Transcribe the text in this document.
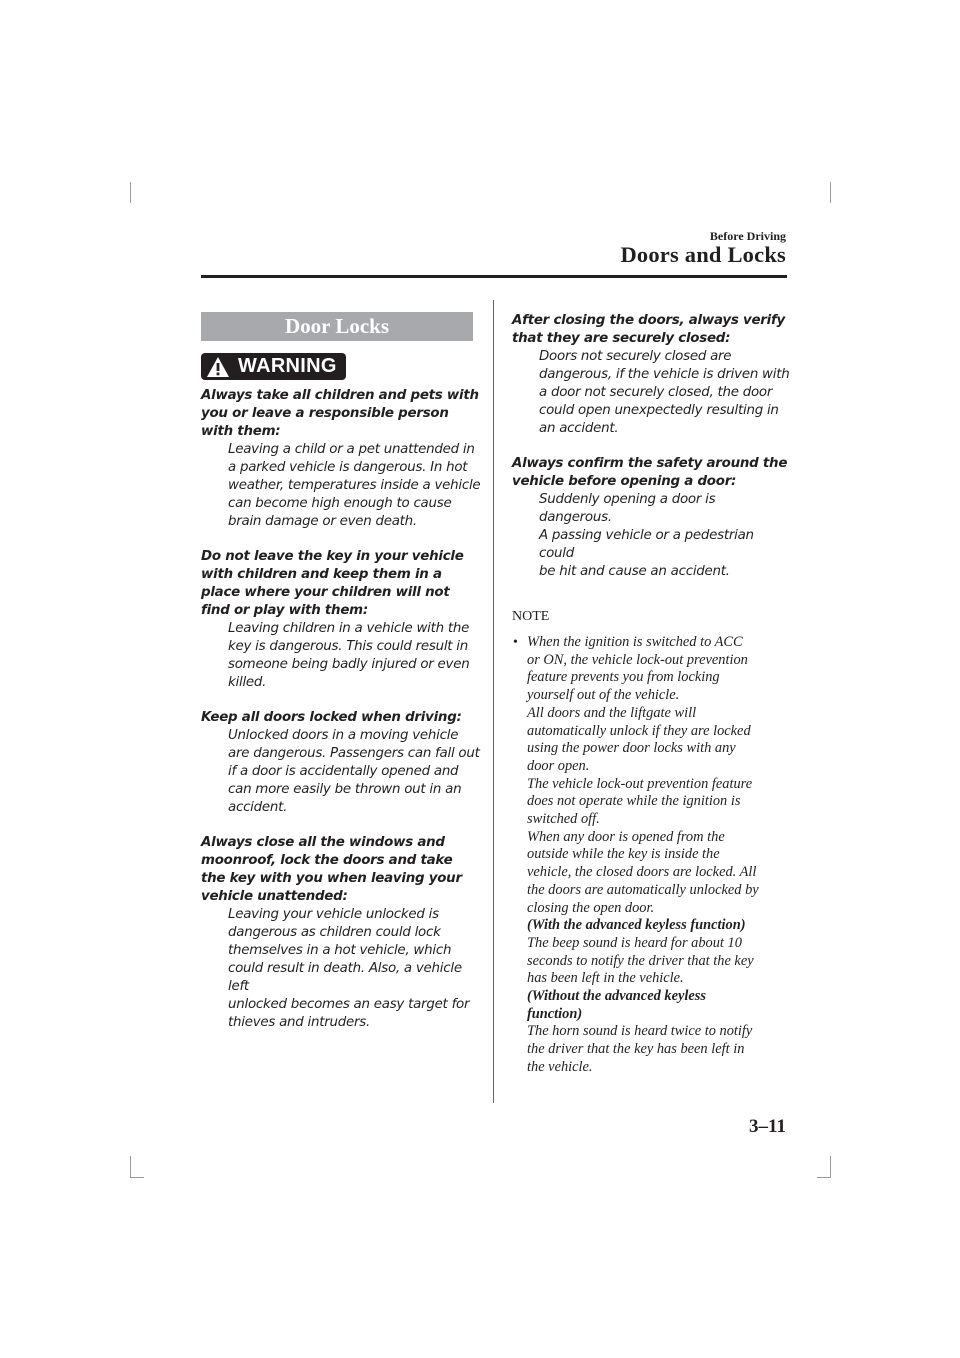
Before Driving
Doors and Locks
Door Locks
WARNING
Always take all children and pets with you or leave a responsible person with them:
Leaving a child or a pet unattended in
a parked vehicle is dangerous. In hot
weather, temperatures inside a vehicle
can become high enough to cause
brain damage or even death.
Do not leave the key in your vehicle with children and keep them in a place where your children will not find or play with them:
Leaving children in a vehicle with the
key is dangerous. This could result in
someone being badly injured or even
killed.
Keep all doors locked when driving:
Unlocked doors in a moving vehicle
are dangerous. Passengers can fall out
if a door is accidentally opened and
can more easily be thrown out in an
accident.
Always close all the windows and moonroof, lock the doors and take the key with you when leaving your vehicle unattended:
Leaving your vehicle unlocked is
dangerous as children could lock
themselves in a hot vehicle, which
could result in death. Also, a vehicle left
unlocked becomes an easy target for
thieves and intruders.
After closing the doors, always verify that they are securely closed:
Doors not securely closed are
dangerous, if the vehicle is driven with
a door not securely closed, the door
could open unexpectedly resulting in
an accident.
Always confirm the safety around the vehicle before opening a door:
Suddenly opening a door is dangerous.
A passing vehicle or a pedestrian could
be hit and cause an accident.
NOTE
• When the ignition is switched to ACC
or ON, the vehicle lock-out prevention
feature prevents you from locking
yourself out of the vehicle.
All doors and the liftgate will
automatically unlock if they are locked
using the power door locks with any
door open.
The vehicle lock-out prevention feature
does not operate while the ignition is
switched off.
When any door is opened from the
outside while the key is inside the
vehicle, the closed doors are locked. All
the doors are automatically unlocked by
closing the open door.
(With the advanced keyless function)
The beep sound is heard for about 10
seconds to notify the driver that the key
has been left in the vehicle.
(Without the advanced keyless
function)
The horn sound is heard twice to notify
the driver that the key has been left in
the vehicle.
3–11
